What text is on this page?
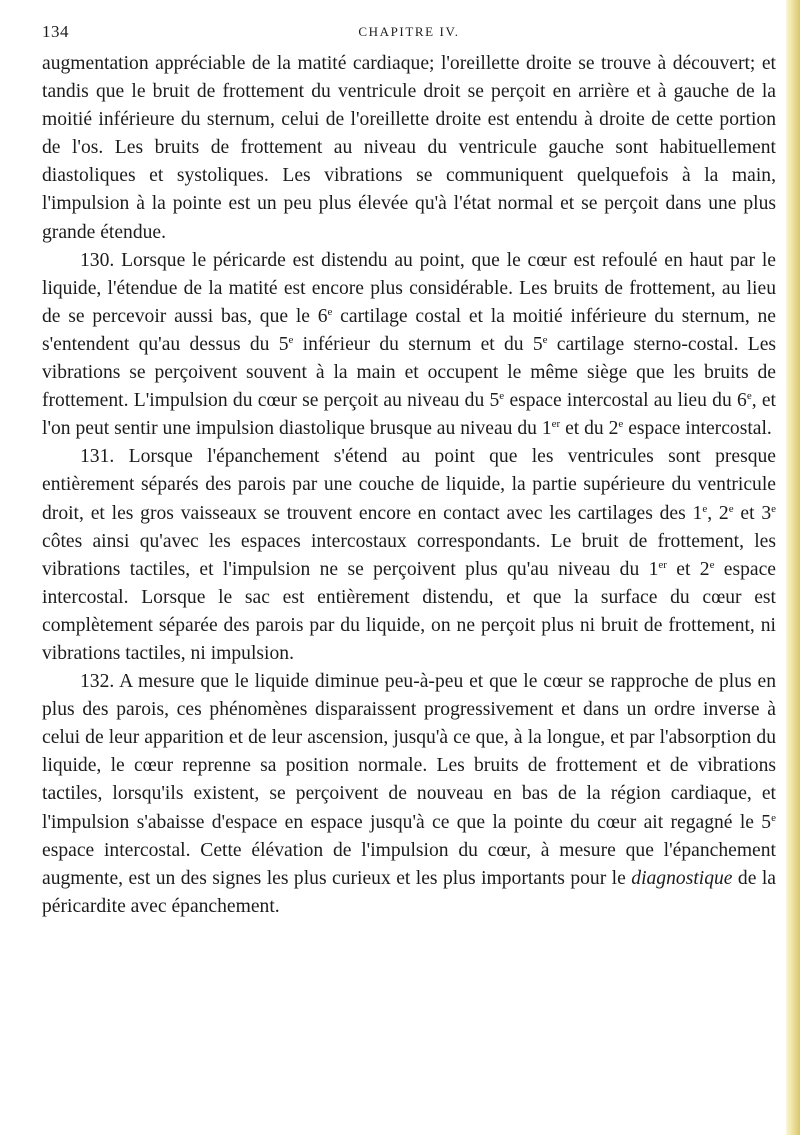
134	CHAPITRE IV.

augmentation appréciable de la matité cardiaque; l'oreillette droite se trouve à découvert; et tandis que le bruit de frottement du ventricule droit se perçoit en arrière et à gauche de la moitié inférieure du sternum, celui de l'oreillette droite est entendu à droite de cette portion de l'os. Les bruits de frottement au niveau du ventricule gauche sont habituellement diastoliques et systoliques. Les vibrations se communiquent quelquefois à la main, l'impulsion à la pointe est un peu plus élevée qu'à l'état normal et se perçoit dans une plus grande étendue.

130. Lorsque le péricarde est distendu au point, que le cœur est refoulé en haut par le liquide, l'étendue de la matité est encore plus considérable. Les bruits de frottement, au lieu de se percevoir aussi bas, que le 6e cartilage costal et la moitié inférieure du sternum, ne s'entendent qu'au dessus du 5e inférieur du sternum et du 5e cartilage sterno-costal. Les vibrations se perçoivent souvent à la main et occupent le même siège que les bruits de frottement. L'impulsion du cœur se perçoit au niveau du 5e espace intercostal au lieu du 6e, et l'on peut sentir une impulsion diastolique brusque au niveau du 1er et du 2e espace intercostal.

131. Lorsque l'épanchement s'étend au point que les ventricules sont presque entièrement séparés des parois par une couche de liquide, la partie supérieure du ventricule droit, et les gros vaisseaux se trouvent encore en contact avec les cartilages des 1e, 2e et 3e côtes ainsi qu'avec les espaces intercostaux correspondants. Le bruit de frottement, les vibrations tactiles, et l'impulsion ne se perçoivent plus qu'au niveau du 1er et 2e espace intercostal. Lorsque le sac est entièrement distendu, et que la surface du cœur est complètement séparée des parois par du liquide, on ne perçoit plus ni bruit de frottement, ni vibrations tactiles, ni impulsion.

132. A mesure que le liquide diminue peu-à-peu et que le cœur se rapproche de plus en plus des parois, ces phénomènes disparaissent progressivement et dans un ordre inverse à celui de leur apparition et de leur ascension, jusqu'à ce que, à la longue, et par l'absorption du liquide, le cœur reprenne sa position normale. Les bruits de frottement et de vibrations tactiles, lorsqu'ils existent, se perçoivent de nouveau en bas de la région cardiaque, et l'impulsion s'abaisse d'espace en espace jusqu'à ce que la pointe du cœur ait regagné le 5e espace intercostal. Cette élévation de l'impulsion du cœur, à mesure que l'épanchement augmente, est un des signes les plus curieux et les plus importants pour le diagnostique de la péricardite avec épanchement.
